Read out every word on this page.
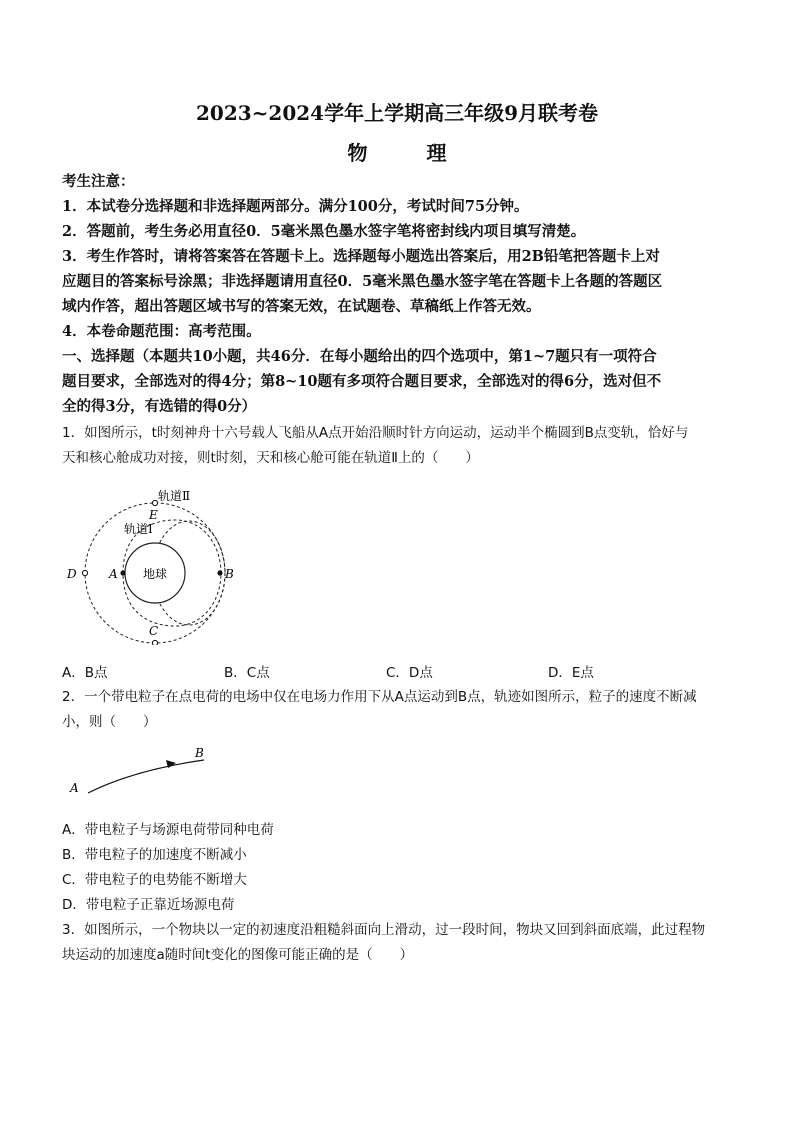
2023~2024学年上学期高三年级9月联考卷
物 理
考生注意：
1．本试卷分选择题和非选择题两部分。满分100分，考试时间75分钟。
2．答题前，考生务必用直径0．5毫米黑色墨水签字笔将密封线内项目填写清楚。
3．考生作答时，请将答案答在答题卡上。选择题每小题选出答案后，用2B铅笔把答题卡上对
应题目的答案标号涂黑；非选择题请用直径0．5毫米黑色墨水签字笔在答题卡上各题的答题区
域内作答，超出答题区域书写的答案无效，在试题卷、草稿纸上作答无效。
4．本卷命题范围：高考范围。
一、选择题（本题共10小题，共46分．在每小题给出的四个选项中，第1~7题只有一项符合
题目要求，全部选对的得4分；第8~10题有多项符合题目要求，全部选对的得6分，选对但不
全的得3分，有选错的得0分）
1．如图所示，t时刻神舟十六号载人飞船从A点开始沿顺时针方向运动，运动半个椭圆到B点变轨，恰好与
天和核心舱成功对接，则t时刻，天和核心舱可能在轨道Ⅱ上的（　　）
地球
A	B
C
D
E
轨道Ⅱ
轨道Ⅰ
A．B点	B．C点	C．D点	D．E点
2．一个带电粒子在点电荷的电场中仅在电场力作用下从A点运动到B点，轨迹如图所示，粒子的速度不断减
小，则（　　）
A
B
A．带电粒子与场源电荷带同种电荷
B．带电粒子的加速度不断减小
C．带电粒子的电势能不断增大
D．带电粒子正靠近场源电荷
3．如图所示，一个物块以一定的初速度沿粗糙斜面向上滑动，过一段时间，物块又回到斜面底端，此过程物
块运动的加速度a随时间t变化的图像可能正确的是（　　）
